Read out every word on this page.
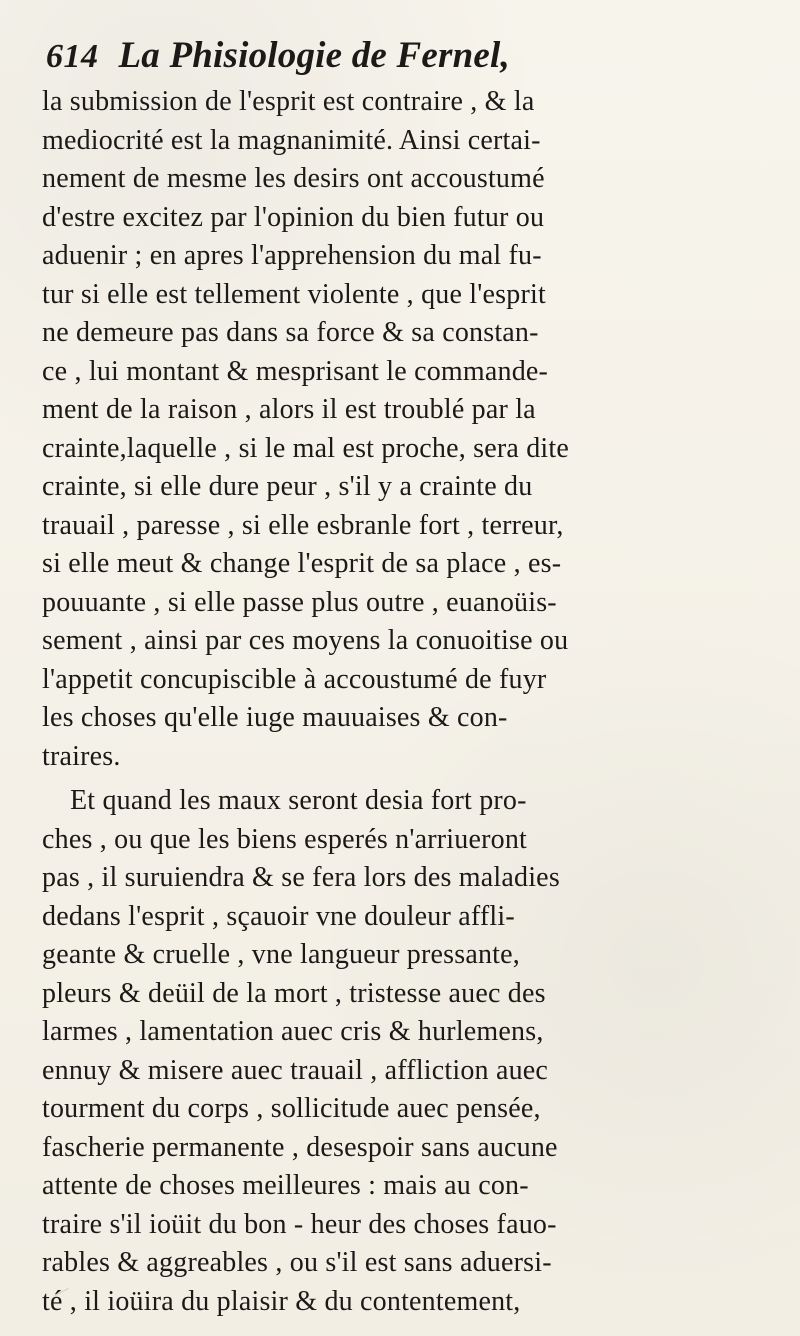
614 La Phisiologie de Fernel,
la submission de l'esprit est contraire , & la
mediocrité est la magnanimité. Ainsi certai-
nement de mesme les desirs ont accoustumé
d'estre excitez par l'opinion du bien futur ou
aduenir ; en apres l'apprehension du mal fu-
tur si elle est tellement violente , que l'esprit
ne demeure pas dans sa force & sa constan-
ce , lui montant & mesprisant le commande-
ment de la raison , alors il est troublé par la
crainte,laquelle , si le mal est proche, sera dite
crainte, si elle dure peur , s'il y a crainte du
trauail , paresse , si elle esbranle fort , terreur,
si elle meut & change l'esprit de sa place , es-
pouuante , si elle passe plus outre , euanoüis-
sement , ainsi par ces moyens la conuoitise ou
l'appetit concupiscible à accoustumé de fuyr
les choses qu'elle iuge mauuaises & con-
traires.
Et quand les maux seront desia fort pro-
ches , ou que les biens esperés n'arriueront
pas , il suruiendra & se fera lors des maladies
dedans l'esprit , sçauoir vne douleur affli-
geante & cruelle , vne langueur pressante,
pleurs & deüil de la mort , tristesse auec des
larmes , lamentation auec cris & hurlemens,
ennuy & misere auec trauail , affliction auec
tourment du corps , sollicitude auec pensée,
fascherie permanente , desespoir sans aucune
attente de choses meilleures : mais au con-
traire s'il ioüit du bon - heur des choses fauo-
rables & aggreables , ou s'il est sans aduersi-
té , il ioüira du plaisir & du contentement,
